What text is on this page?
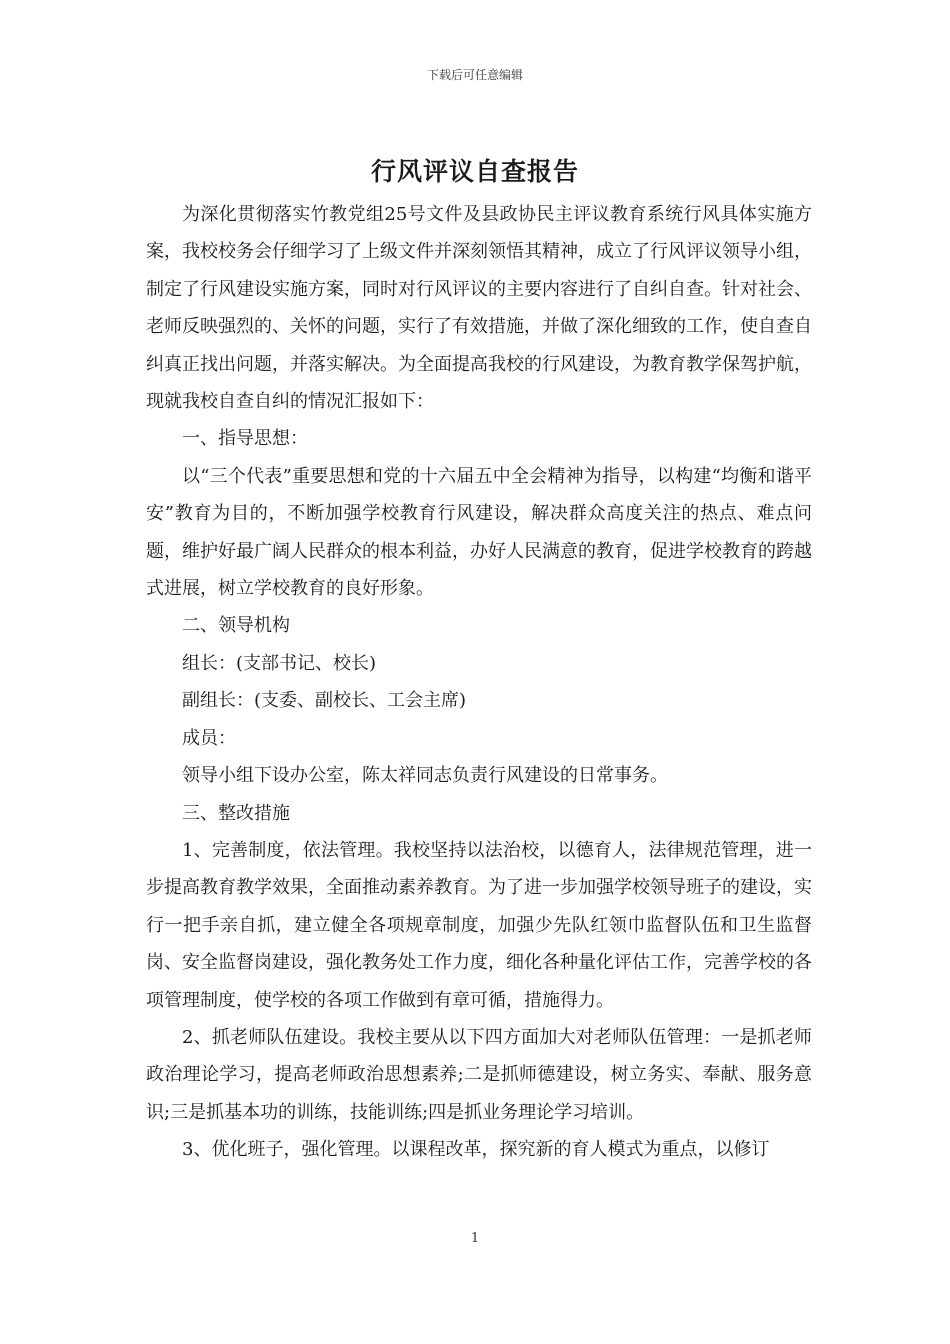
下载后可任意编辑
行风评议自查报告

为深化贯彻落实竹教党组25号文件及县政协民主评议教育系统行风具体实施方案，我校校务会仔细学习了上级文件并深刻领悟其精神，成立了行风评议领导小组，制定了行风建设实施方案，同时对行风评议的主要内容进行了自纠自查。针对社会、老师反映强烈的、关怀的问题，实行了有效措施，并做了深化细致的工作，使自查自纠真正找出问题，并落实解决。为全面提高我校的行风建设，为教育教学保驾护航，现就我校自查自纠的情况汇报如下：

一、指导思想：

以“三个代表”重要思想和党的十六届五中全会精神为指导，以构建“均衡和谐平安”教育为目的，不断加强学校教育行风建设，解决群众高度关注的热点、难点问题，维护好最广阔人民群众的根本利益，办好人民满意的教育，促进学校教育的跨越式进展，树立学校教育的良好形象。

二、领导机构

组长：(支部书记、校长)

副组长：(支委、副校长、工会主席)

成员：

领导小组下设办公室，陈太祥同志负责行风建设的日常事务。

三、整改措施

1、完善制度，依法管理。我校坚持以法治校，以德育人，法律规范管理，进一步提高教育教学效果，全面推动素养教育。为了进一步加强学校领导班子的建设，实行一把手亲自抓，建立健全各项规章制度，加强少先队红领巾监督队伍和卫生监督岗、安全监督岗建设，强化教务处工作力度，细化各种量化评估工作，完善学校的各项管理制度，使学校的各项工作做到有章可循，措施得力。

2、抓老师队伍建设。我校主要从以下四方面加大对老师队伍管理：一是抓老师政治理论学习，提高老师政治思想素养;二是抓师德建设，树立务实、奉献、服务意识;三是抓基本功的训练，技能训练;四是抓业务理论学习培训。

3、优化班子，强化管理。以课程改革，探究新的育人模式为重点，以修订

1
